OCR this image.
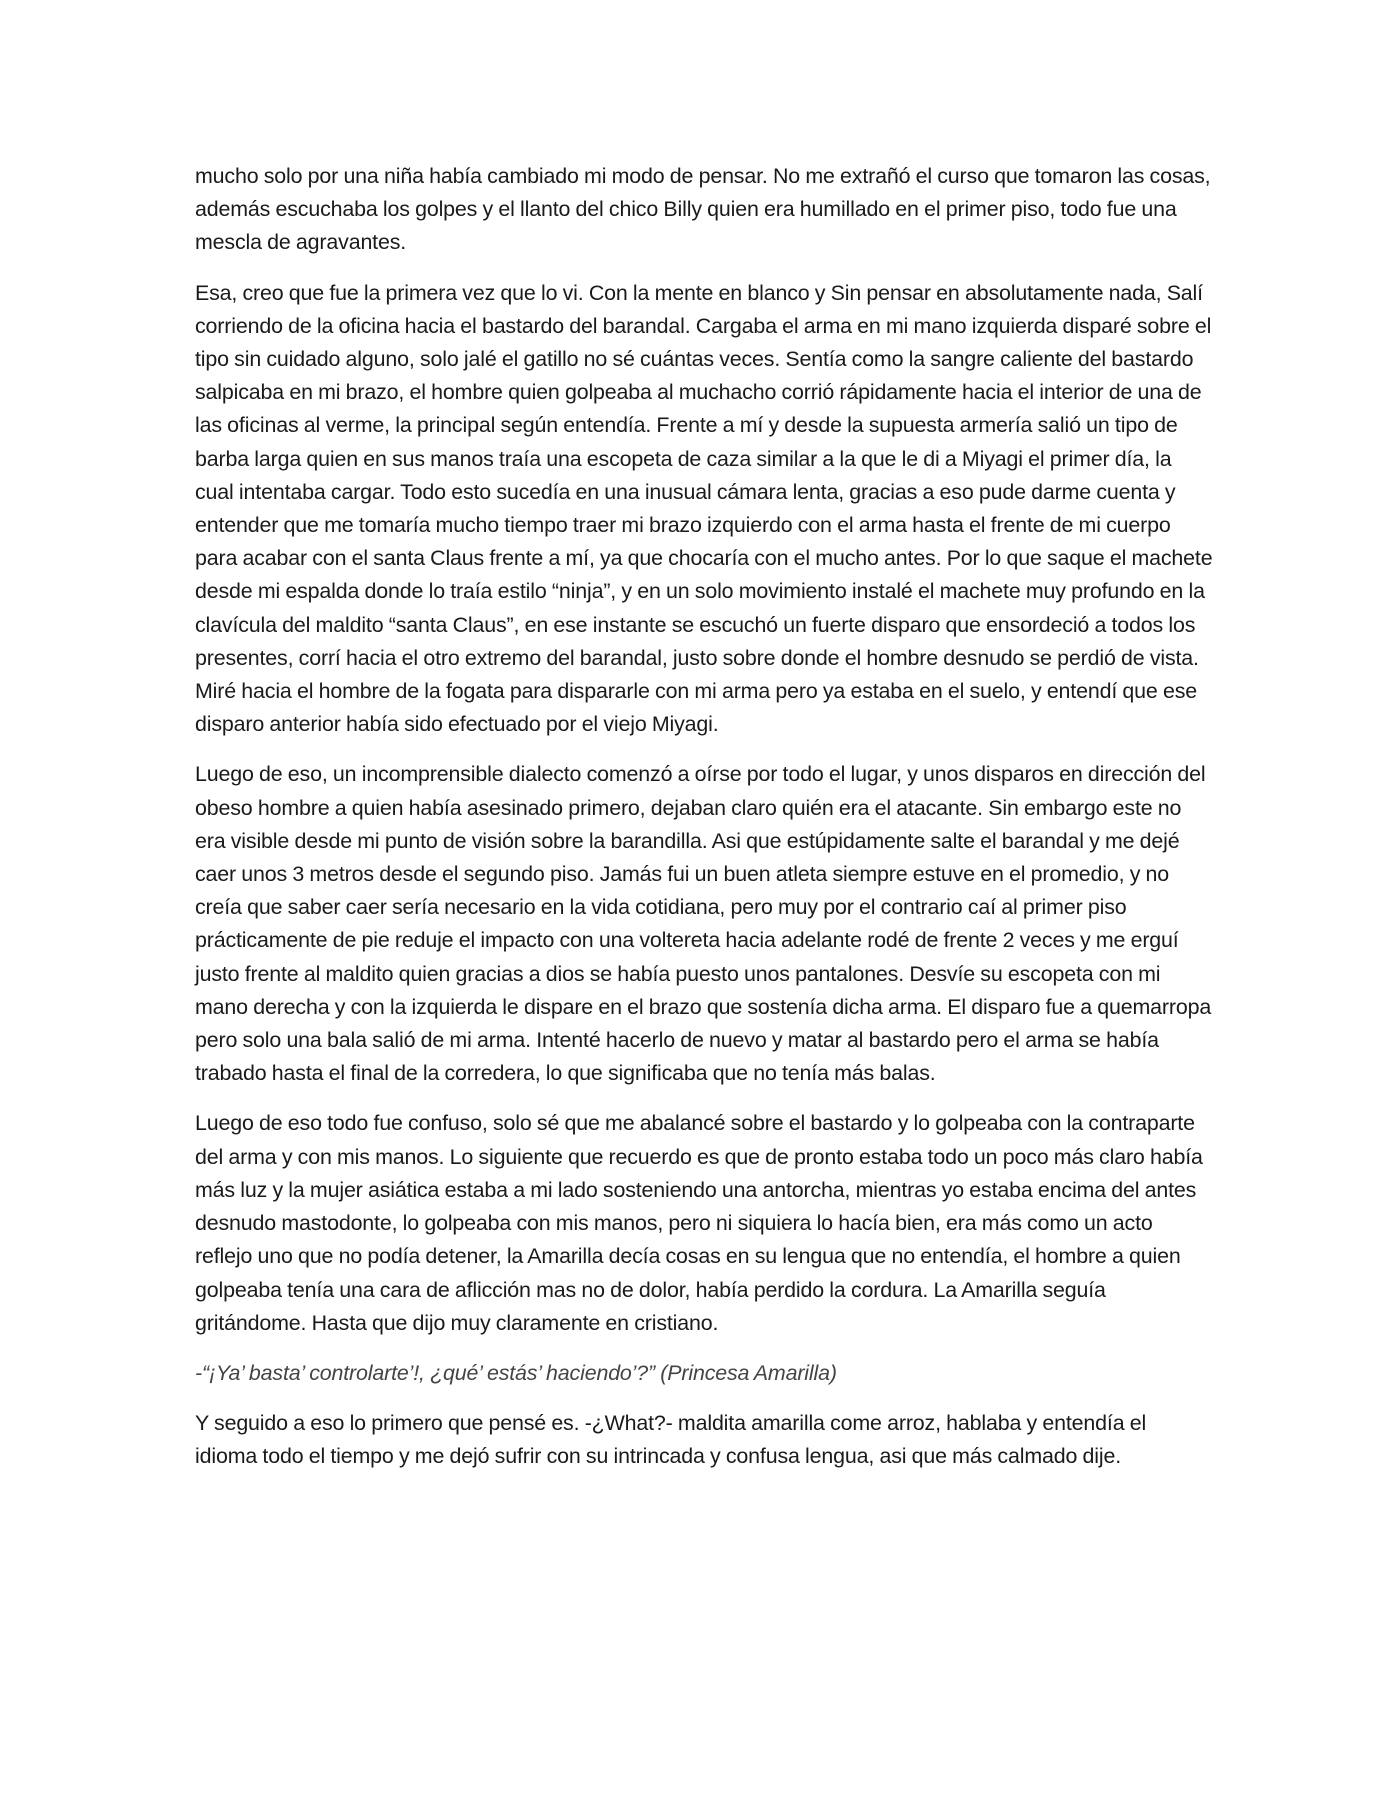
mucho solo por una niña había cambiado mi modo de pensar. No me extrañó el curso que tomaron las cosas, además escuchaba los golpes y el llanto del chico Billy quien era humillado en el primer piso, todo fue una mescla de agravantes.

Esa, creo que fue la primera vez que lo vi. Con la mente en blanco y Sin pensar en absolutamente nada, Salí corriendo de la oficina hacia el bastardo del barandal. Cargaba el arma en mi mano izquierda disparé sobre el tipo sin cuidado alguno, solo jalé el gatillo no sé cuántas veces. Sentía como la sangre caliente del bastardo salpicaba en mi brazo, el hombre quien golpeaba al muchacho corrió rápidamente hacia el interior de una de las oficinas al verme, la principal según entendía. Frente a mí y desde la supuesta armería salió un tipo de barba larga quien en sus manos traía una escopeta de caza similar a la que le di a Miyagi el primer día, la cual intentaba cargar. Todo esto sucedía en una inusual cámara lenta, gracias a eso pude darme cuenta y entender que me tomaría mucho tiempo traer mi brazo izquierdo con el arma hasta el frente de mi cuerpo para acabar con el santa Claus frente a mí, ya que chocaría con el mucho antes. Por lo que saque el machete desde mi espalda donde lo traía estilo “ninja”, y en un solo movimiento instalé el machete muy profundo en la clavícula del maldito “santa Claus”, en ese instante se escuchó un fuerte disparo que ensordeció a todos los presentes, corrí hacia el otro extremo del barandal, justo sobre donde el hombre desnudo se perdió de vista. Miré hacia el hombre de la fogata para dispararle con mi arma pero ya estaba en el suelo, y entendí que ese disparo anterior había sido efectuado por el viejo Miyagi.

Luego de eso, un incomprensible dialecto comenzó a oírse por todo el lugar, y unos disparos en dirección del obeso hombre a quien había asesinado primero, dejaban claro quién era el atacante. Sin embargo este no era visible desde mi punto de visión sobre la barandilla. Asi que estúpidamente salte el barandal y me dejé caer unos 3 metros desde el segundo piso. Jamás fui un buen atleta siempre estuve en el promedio, y no creía que saber caer sería necesario en la vida cotidiana, pero muy por el contrario caí al primer piso prácticamente de pie reduje el impacto con una voltereta hacia adelante rodé de frente 2 veces y me erguí justo frente al maldito quien gracias a dios se había puesto unos pantalones. Desvíe su escopeta con mi mano derecha y con la izquierda le dispare en el brazo que sostenía dicha arma. El disparo fue a quemarropa pero solo una bala salió de mi arma. Intenté hacerlo de nuevo y matar al bastardo pero el arma se había trabado hasta el final de la corredera, lo que significaba que no tenía más balas.

Luego de eso todo fue confuso, solo sé que me abalancé sobre el bastardo y lo golpeaba con la contraparte del arma y con mis manos. Lo siguiente que recuerdo es que de pronto estaba todo un poco más claro había más luz y la mujer asiática estaba a mi lado sosteniendo una antorcha, mientras yo estaba encima del antes desnudo mastodonte, lo golpeaba con mis manos, pero ni siquiera lo hacía bien, era más como un acto reflejo uno que no podía detener, la Amarilla decía cosas en su lengua que no entendía, el hombre a quien golpeaba tenía una cara de aflicción mas no de dolor, había perdido la cordura. La Amarilla seguía gritándome. Hasta que dijo muy claramente en cristiano.

-“¡Ya’ basta’ controlarte’!, ¿qué’ estás’ haciendo’?” (Princesa Amarilla)

Y seguido a eso lo primero que pensé es. -¿What?- maldita amarilla come arroz, hablaba y entendía el idioma todo el tiempo y me dejó sufrir con su intrincada y confusa lengua, asi que más calmado dije.
